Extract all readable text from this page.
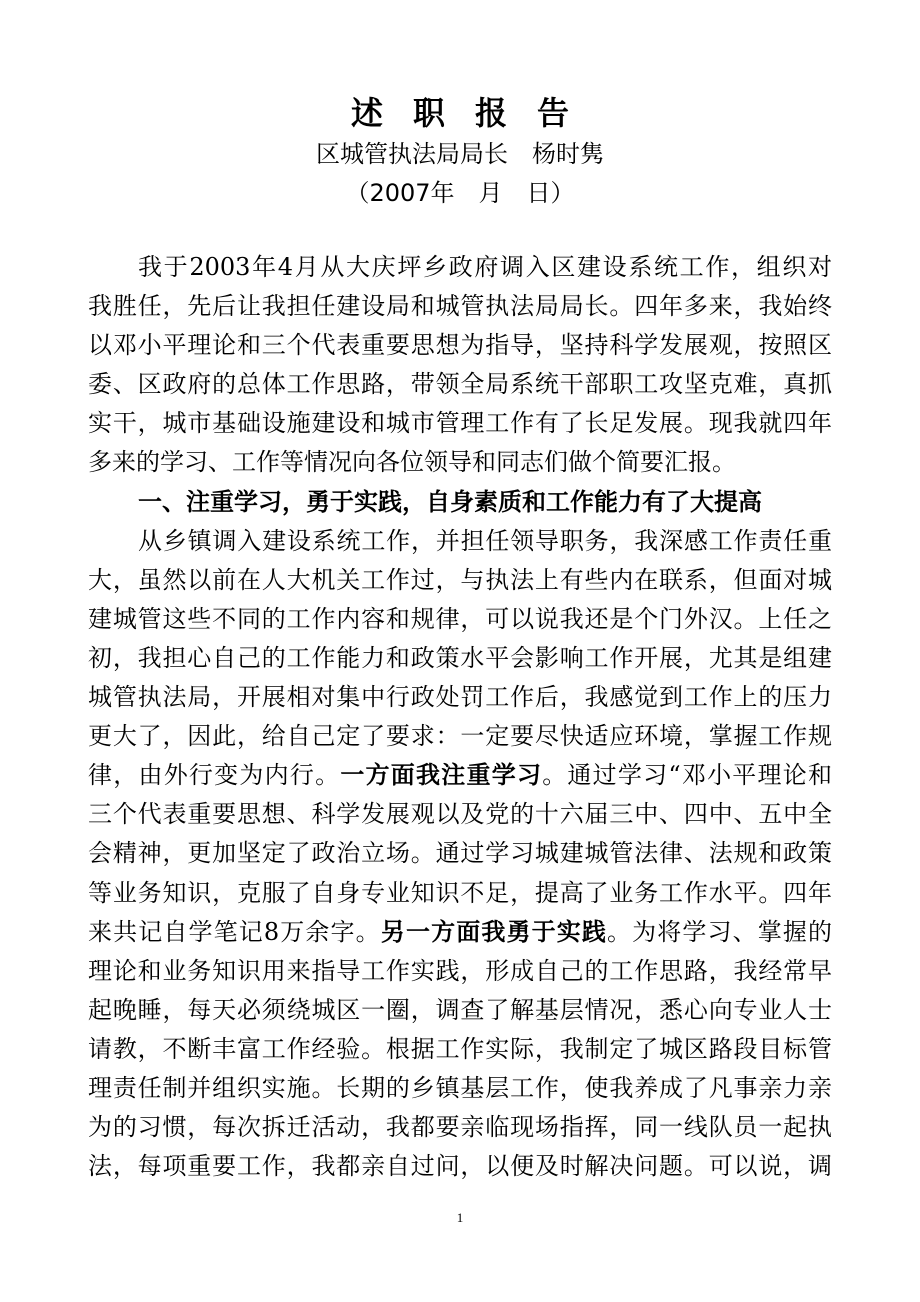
述职报告
区城管执法局局长　杨时隽
（2007年　月　日）
我于2003年4月从大庆坪乡政府调入区建设系统工作，组织对
我胜任，先后让我担任建设局和城管执法局局长。四年多来，我始终
以邓小平理论和三个代表重要思想为指导，坚持科学发展观，按照区
委、区政府的总体工作思路，带领全局系统干部职工攻坚克难，真抓
实干，城市基础设施建设和城市管理工作有了长足发展。现我就四年
多来的学习、工作等情况向各位领导和同志们做个简要汇报。
一、注重学习，勇于实践，自身素质和工作能力有了大提高
从乡镇调入建设系统工作，并担任领导职务，我深感工作责任重
大，虽然以前在人大机关工作过，与执法上有些内在联系，但面对城
建城管这些不同的工作内容和规律，可以说我还是个门外汉。上任之
初，我担心自己的工作能力和政策水平会影响工作开展，尤其是组建
城管执法局，开展相对集中行政处罚工作后，我感觉到工作上的压力
更大了，因此，给自己定了要求：一定要尽快适应环境，掌握工作规
律，由外行变为内行。一方面我注重学习。通过学习“邓小平理论和
三个代表重要思想、科学发展观以及党的十六届三中、四中、五中全
会精神，更加坚定了政治立场。通过学习城建城管法律、法规和政策
等业务知识，克服了自身专业知识不足，提高了业务工作水平。四年
来共记自学笔记8万余字。另一方面我勇于实践。为将学习、掌握的
理论和业务知识用来指导工作实践，形成自己的工作思路，我经常早
起晚睡，每天必须绕城区一圈，调查了解基层情况，悉心向专业人士
请教，不断丰富工作经验。根据工作实际，我制定了城区路段目标管
理责任制并组织实施。长期的乡镇基层工作，使我养成了凡事亲力亲
为的习惯，每次拆迁活动，我都要亲临现场指挥，同一线队员一起执
法，每项重要工作，我都亲自过问，以便及时解决问题。可以说，调
1
